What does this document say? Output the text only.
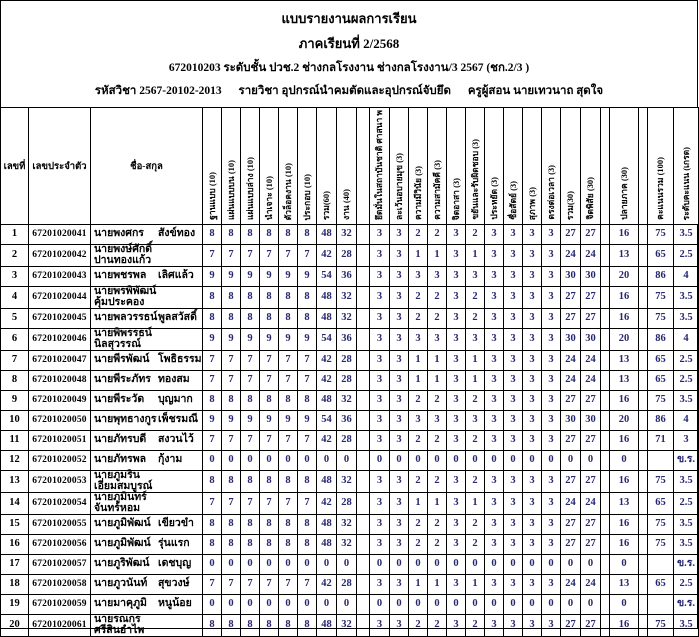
แบบรายงานผลการเรียน
ภาคเรียนที่ 2/2568
672010203 ระดับชั้น ปวช.2 ช่างกลโรงงาน ช่างกลโรงงาน/3 2567 (ชก.2/3 )
รหัสวิชา 2567-20102-2013 รายวิชา อุปกรณ์นำคมตัดและอุปกรณ์จับยึด ครูผู้สอน นายเทวนาถ สุดใจ
เลขที่	เลขประจำตัว	ชื่อ-สกุล	ฐานแบบ (10)	แผ่นแบบบน (10)	แผ่นแบบล่าง (10)	นำเจาะ (10)	ตัวล็อคงาน (10)	ประกอบ (10)	รวม(60)	งาน (40)		ยึดมั่นในสถาบันชาติ ศาสนา พ	ละเว้นอบายมุข (3)	ความมีวินัย (3)	ความสามัคคี (3)	จิตอาสา (3)	ขยันและรับผิดชอบ (3)	ประหยัด (3)	ซื่อสัตย์ (3)	สุภาพ (3)	ตรงต่อเวลา (3)	รวม(30)	จิตพิสัย (30)		ปลายภาค (30)		คะแนนรวม (100)	ระดับคะแนน (เกรด)
1	67201020041	นายพงศกร สังข์ทอง	8	8	8	8	8	8	48	32		3	3	2	2	3	2	3	3	3	3	27	27		16		75	3.5
2	67201020042	นายพงษ์ศักดิ์ปานทองแก้ว	7	7	7	7	7	7	42	28		3	3	1	1	3	1	3	3	3	3	24	24		13		65	2.5
3	67201020043	นายพชรพล เลิศแล้ว	9	9	9	9	9	9	54	36		3	3	3	3	3	3	3	3	3	3	30	30		20		86	4
4	67201020044	นายพรพิพัฒน์คุ้มประคอง	8	8	8	8	8	8	48	32		3	3	2	2	3	2	3	3	3	3	27	27		16		75	3.5
5	67201020045	นายพลวรรธน์พูลสวัสดิ์	8	8	8	8	8	8	48	32		3	3	2	2	3	2	3	3	3	3	27	27		16		75	3.5
6	67201020046	นายพิพรรธน์นิลสุวรรณ์	9	9	9	9	9	9	54	36		3	3	3	3	3	3	3	3	3	3	30	30		20		86	4
7	67201020047	นายพีรพัฒน์ โพธิธรรม	7	7	7	7	7	7	42	28		3	3	1	1	3	1	3	3	3	3	24	24		13		65	2.5
8	67201020048	นายพีระภัทร ทองสม	7	7	7	7	7	7	42	28		3	3	1	1	3	1	3	3	3	3	24	24		13		65	2.5
9	67201020049	นายพีระวัด บุญมาก	8	8	8	8	8	8	48	32		3	3	2	2	3	2	3	3	3	3	27	27		16		75	3.5
10	67201020050	นายพุทธางกูร เพ็ชรมณี	9	9	9	9	9	9	54	36		3	3	3	3	3	3	3	3	3	3	30	30		20		86	4
11	67201020051	นายภัทรบดี สงวนไว้	7	7	7	7	7	7	42	28		3	3	2	2	3	2	3	3	3	3	27	27		16		71	3
12	67201020052	นายภัทรพล กุ้งาม	0	0	0	0	0	0	0	0		0	0	0	0	0	0	0	0	0	0	0	0		0			ข.ร.
13	67201020053	นายภูมรินเอี่ยมสมบูรณ์	8	8	8	8	8	8	48	32		3	3	2	2	3	2	3	3	3	3	27	27		16		75	3.5
14	67201020054	นายภูมินทร์จันทร์หอม	7	7	7	7	7	7	42	28		3	3	1	1	3	1	3	3	3	3	24	24		13		65	2.5
15	67201020055	นายภูมิพัฒน์ เขียวขำ	8	8	8	8	8	8	48	32		3	3	2	2	3	2	3	3	3	3	27	27		16		75	3.5
16	67201020056	นายภูมิพัฒน์ รุ่นแรก	8	8	8	8	8	8	48	32		3	3	2	2	3	2	3	3	3	3	27	27		16		75	3.5
17	67201020057	นายภูริพัฒน์ เดชบุญ	0	0	0	0	0	0	0	0		0	0	0	0	0	0	0	0	0	0	0	0		0			ข.ร.
18	67201020058	นายภูวนันท์ สุขวงษ์	7	7	7	7	7	7	42	28		3	3	1	1	3	1	3	3	3	3	24	24		13		65	2.5
19	67201020059	นายมาคุภูมิ หนูน้อย	0	0	0	0	0	0	0	0		0	0	0	0	0	0	0	0	0	0	0	0		0			ข.ร.
20	67201020061	นายรณกรศรีสินอำไพ	8	8	8	8	8	8	48	32		3	3	2	2	3	2	3	3	3	3	27	27		16		75	3.5
